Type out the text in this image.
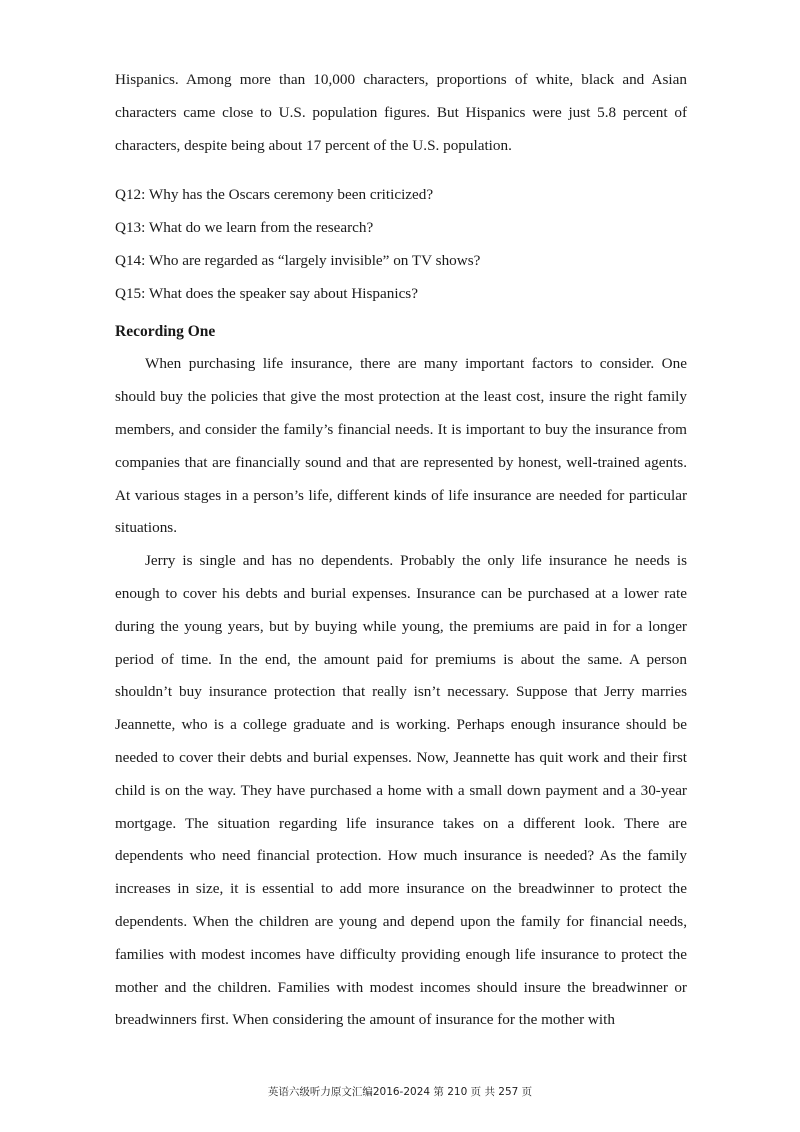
Hispanics. Among more than 10,000 characters, proportions of white, black and Asian characters came close to U.S. population figures. But Hispanics were just 5.8 percent of characters, despite being about 17 percent of the U.S. population.

Q12: Why has the Oscars ceremony been criticized?

Q13: What do we learn from the research?

Q14: Who are regarded as “largely invisible” on TV shows?

Q15: What does the speaker say about Hispanics?

Recording One

When purchasing life insurance, there are many important factors to consider. One should buy the policies that give the most protection at the least cost, insure the right family members, and consider the family’s financial needs. It is important to buy the insurance from companies that are financially sound and that are represented by honest, well-trained agents. At various stages in a person’s life, different kinds of life insurance are needed for particular situations.

Jerry is single and has no dependents. Probably the only life insurance he needs is enough to cover his debts and burial expenses. Insurance can be purchased at a lower rate during the young years, but by buying while young, the premiums are paid in for a longer period of time. In the end, the amount paid for premiums is about the same. A person shouldn’t buy insurance protection that really isn’t necessary. Suppose that Jerry marries Jeannette, who is a college graduate and is working. Perhaps enough insurance should be needed to cover their debts and burial expenses. Now, Jeannette has quit work and their first child is on the way. They have purchased a home with a small down payment and a 30-year mortgage. The situation regarding life insurance takes on a different look. There are dependents who need financial protection. How much insurance is needed? As the family increases in size, it is essential to add more insurance on the breadwinner to protect the dependents. When the children are young and depend upon the family for financial needs, families with modest incomes have difficulty providing enough life insurance to protect the mother and the children. Families with modest incomes should insure the breadwinner or breadwinners first. When considering the amount of insurance for the mother with

英语六级听力原文汇编2016-2024 第 210 页 共 257 页
